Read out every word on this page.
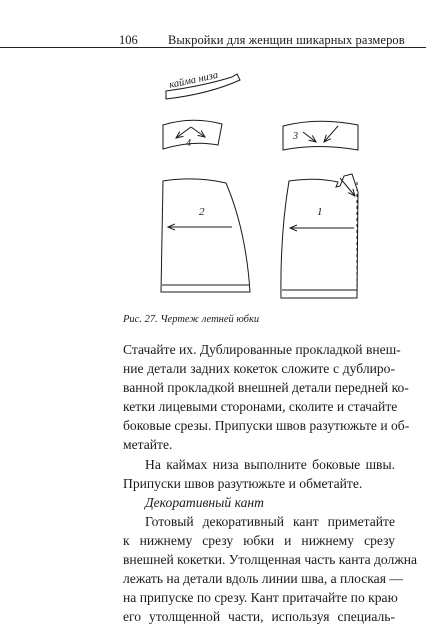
106 Выкройки для женщин шикарных размеров
кайма низа
4
3
2	1
Рис. 27. Чертеж летней юбки
Стачайте их. Дублированные прокладкой внеш-
ние детали задних кокеток сложите с дублиро-
ванной прокладкой внешней детали передней ко-
кетки лицевыми сторонами, сколите и стачайте
боковые срезы. Припуски швов разутюжьте и об-
метайте.
На каймах низа выполните боковые швы.
Припуски швов разутюжьте и обметайте.
Декоративный кант
Готовый декоративный кант приметайте
к нижнему срезу юбки и нижнему срезу
внешней кокетки. Утолщенная часть канта должна
лежать на детали вдоль линии шва, а плоская —
на припуске по срезу. Кант притачайте по краю
его утолщенной части, используя специаль-
